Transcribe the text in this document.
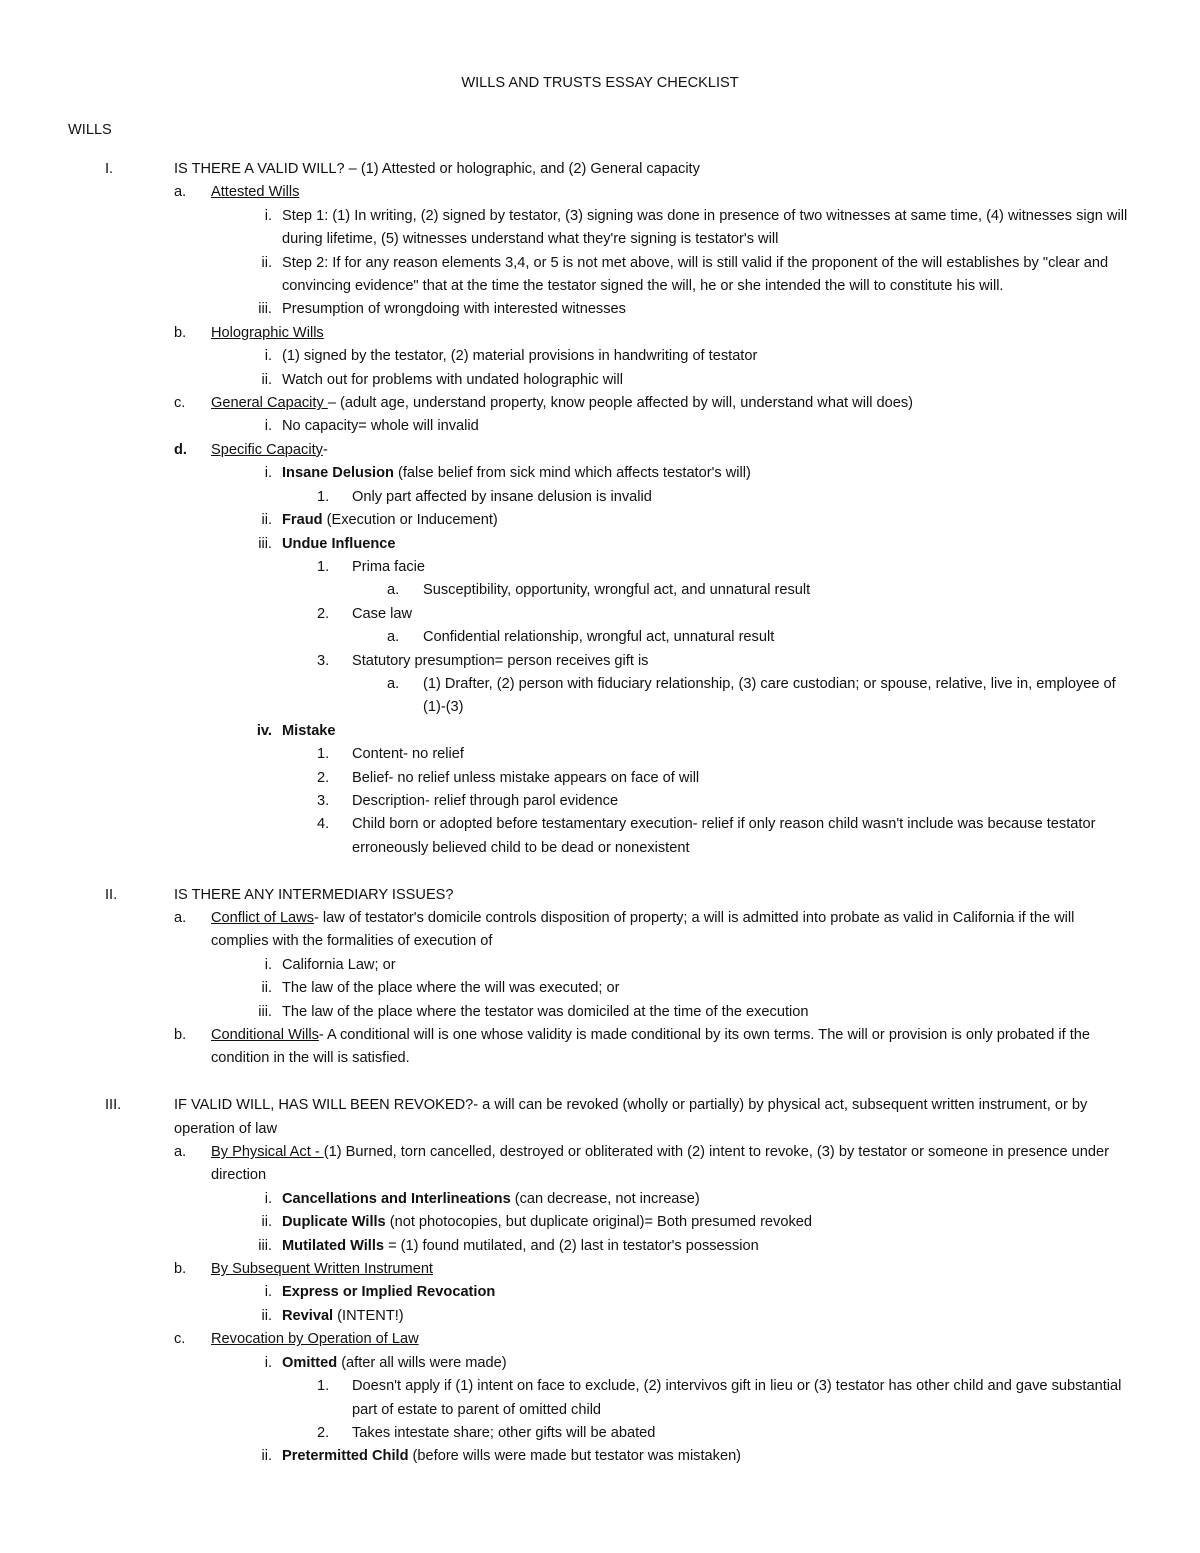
WILLS AND TRUSTS ESSAY CHECKLIST
WILLS
I.	IS THERE A VALID WILL? – (1) Attested or holographic, and (2) General capacity
a. Attested Wills
i. Step 1: (1) In writing, (2) signed by testator, (3) signing was done in presence of two witnesses at same time, (4) witnesses sign will during lifetime, (5) witnesses understand what they're signing is testator's will
ii. Step 2: If for any reason elements 3,4, or 5 is not met above, will is still valid if the proponent of the will establishes by "clear and convincing evidence" that at the time the testator signed the will, he or she intended the will to constitute his will.
iii. Presumption of wrongdoing with interested witnesses
b. Holographic Wills
i. (1) signed by the testator, (2) material provisions in handwriting of testator
ii. Watch out for problems with undated holographic will
c. General Capacity – (adult age, understand property, know people affected by will, understand what will does)
i. No capacity= whole will invalid
d. Specific Capacity-
i. Insane Delusion (false belief from sick mind which affects testator's will)
1. Only part affected by insane delusion is invalid
ii. Fraud (Execution or Inducement)
iii. Undue Influence
1. Prima facie
a. Susceptibility, opportunity, wrongful act, and unnatural result
2. Case law
a. Confidential relationship, wrongful act, unnatural result
3. Statutory presumption= person receives gift is
a. (1) Drafter, (2) person with fiduciary relationship, (3) care custodian; or spouse, relative, live in, employee of (1)-(3)
iv. Mistake
1. Content- no relief
2. Belief- no relief unless mistake appears on face of will
3. Description- relief through parol evidence
4. Child born or adopted before testamentary execution- relief if only reason child wasn't include was because testator erroneously believed child to be dead or nonexistent
II.	IS THERE ANY INTERMEDIARY ISSUES?
a. Conflict of Laws- law of testator's domicile controls disposition of property; a will is admitted into probate as valid in California if the will complies with the formalities of execution of
i. California Law; or
ii. The law of the place where the will was executed; or
iii. The law of the place where the testator was domiciled at the time of the execution
b. Conditional Wills- A conditional will is one whose validity is made conditional by its own terms. The will or provision is only probated if the condition in the will is satisfied.
III.	IF VALID WILL, HAS WILL BEEN REVOKED?- a will can be revoked (wholly or partially) by physical act, subsequent written instrument, or by operation of law
a. By Physical Act - (1) Burned, torn cancelled, destroyed or obliterated with (2) intent to revoke, (3) by testator or someone in presence under direction
i. Cancellations and Interlineations (can decrease, not increase)
ii. Duplicate Wills (not photocopies, but duplicate original)= Both presumed revoked
iii. Mutilated Wills = (1) found mutilated, and (2) last in testator's possession
b. By Subsequent Written Instrument
i. Express or Implied Revocation
ii. Revival (INTENT!)
c. Revocation by Operation of Law
i. Omitted (after all wills were made)
1. Doesn't apply if (1) intent on face to exclude, (2) intervivos gift in lieu or (3) testator has other child and gave substantial part of estate to parent of omitted child
2. Takes intestate share; other gifts will be abated
ii. Pretermitted Child (before wills were made but testator was mistaken)
